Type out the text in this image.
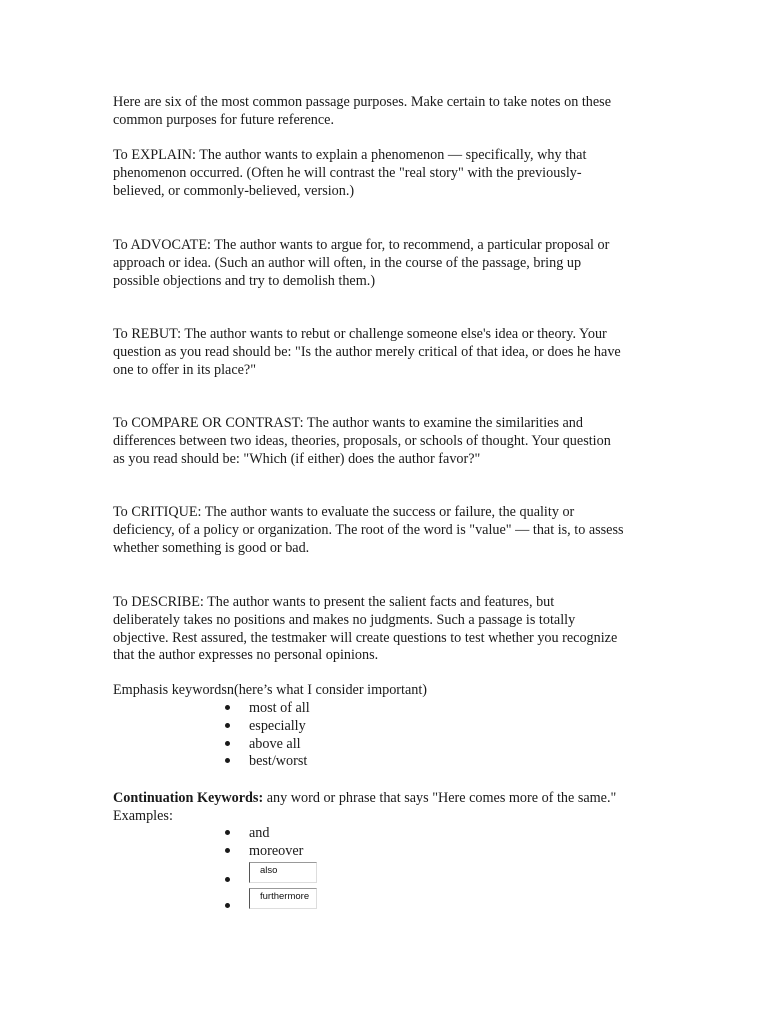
Here are six of the most common passage purposes. Make certain to take notes on these
common purposes for future reference.

To EXPLAIN: The author wants to explain a phenomenon — specifically, why that
phenomenon occurred. (Often he will contrast the "real story" with the previously-
believed, or commonly-believed, version.)

To ADVOCATE: The author wants to argue for, to recommend, a particular proposal or
approach or idea. (Such an author will often, in the course of the passage, bring up
possible objections and try to demolish them.)

To REBUT: The author wants to rebut or challenge someone else's idea or theory. Your
question as you read should be: "Is the author merely critical of that idea, or does he have
one to offer in its place?"

To COMPARE OR CONTRAST: The author wants to examine the similarities and
differences between two ideas, theories, proposals, or schools of thought. Your question
as you read should be: "Which (if either) does the author favor?"

To CRITIQUE: The author wants to evaluate the success or failure, the quality or
deficiency, of a policy or organization. The root of the word is "value" — that is, to assess
whether something is good or bad.

To DESCRIBE: The author wants to present the salient facts and features, but
deliberately takes no positions and makes no judgments. Such a passage is totally
objective. Rest assured, the testmaker will create questions to test whether you recognize
that the author expresses no personal opinions.

Emphasis keywordsn(here’s what I consider important)

most of all
especially
above all
best/worst

Continuation Keywords: any word or phrase that says "Here comes more of the same."
Examples:

and
moreover
also
furthermore
